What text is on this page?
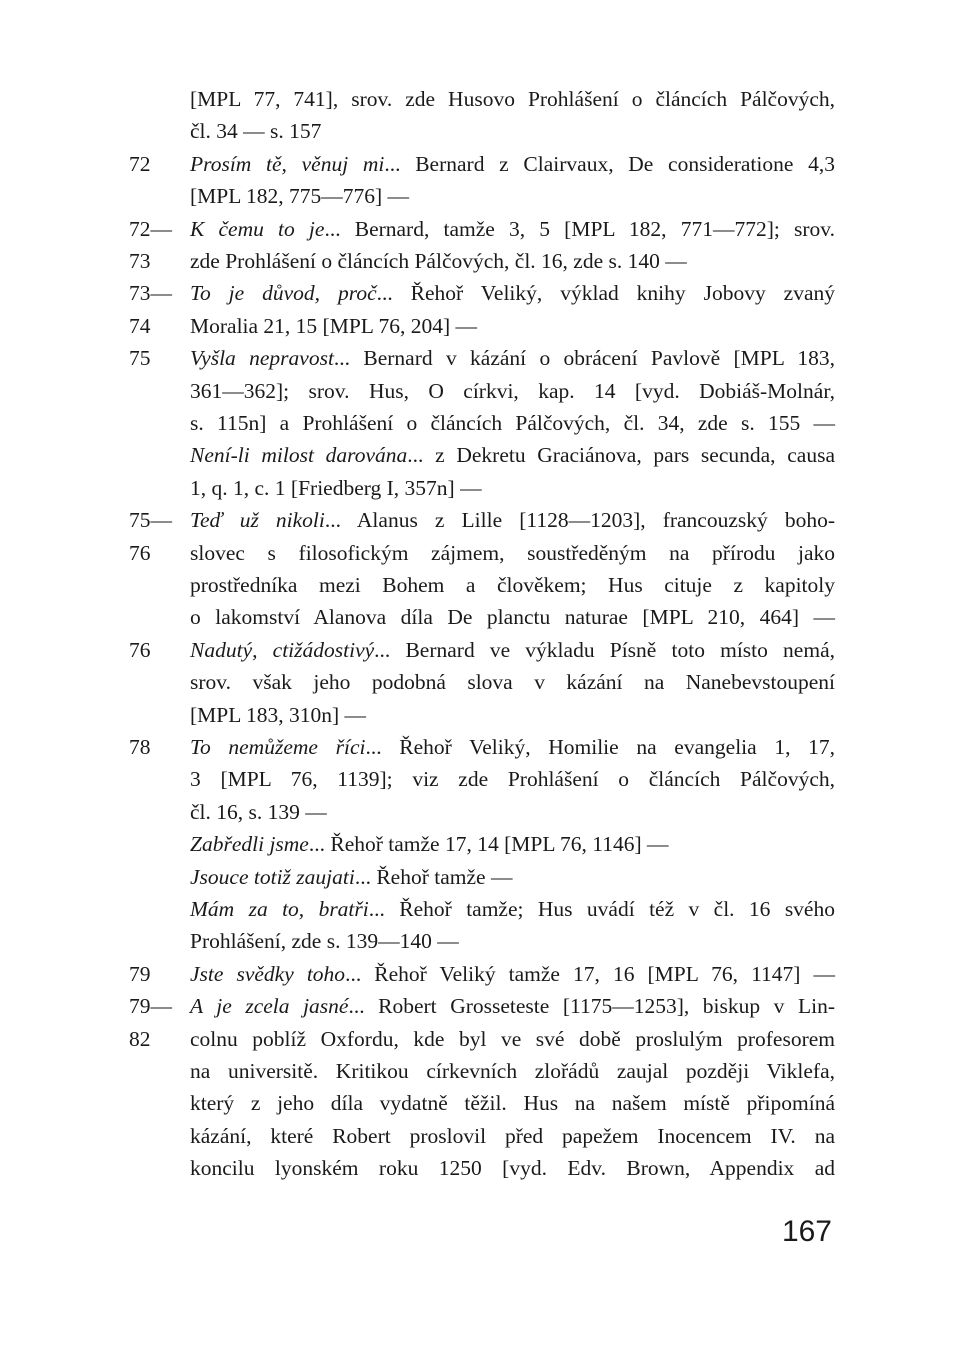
[MPL 77, 741], srov. zde Husovo Prohlášení o článcích Pálčových,
čl. 34 — s. 157
72	Prosím tě, věnuj mi... Bernard z Clairvaux, De consideratione 4,3
[MPL 182, 775—776] —
72— K čemu to je... Bernard, tamže 3, 5 [MPL 182, 771—772]; srov.
73	zde Prohlášení o článcích Pálčových, čl. 16, zde s. 140 —
73— To je důvod, proč... Řehoř Veliký, výklad knihy Jobovy zvaný
74	Moralia 21, 15 [MPL 76, 204] —
75	Vyšla nepravost... Bernard v kázání o obrácení Pavlově [MPL 183,
361—362]; srov. Hus, O církvi, kap. 14 [vyd. Dobiáš-Molnár,
s. 115n] a Prohlášení o článcích Pálčových, čl. 34, zde s. 155 —
Není-li milost darována... z Dekretu Graciánova, pars secunda, causa
1, q. 1, c. 1 [Friedberg I, 357n] —
75— Teď už nikoli... Alanus z Lille [1128—1203], francouzský boho-
76	slovec s filosofickým zájmem, soustředěným na přírodu jako
prostředníka mezi Bohem a člověkem; Hus cituje z kapitoly
o lakomství Alanova díla De planctu naturae [MPL 210, 464] —
76	Nadutý, ctižádostivý... Bernard ve výkladu Písně toto místo nemá,
srov. však jeho podobná slova v kázání na Nanebevstoupení
[MPL 183, 310n] —
78	To nemůžeme říci... Řehoř Veliký, Homilie na evangelia 1, 17,
3 [MPL 76, 1139]; viz zde Prohlášení o článcích Pálčových,
čl. 16, s. 139 —
Zabředli jsme... Řehoř tamže 17, 14 [MPL 76, 1146] —
Jsouce totiž zaujati... Řehoř tamže —
Mám za to, bratři... Řehoř tamže; Hus uvádí též v čl. 16 svého
Prohlášení, zde s. 139—140 —
79	Jste svědky toho... Řehoř Veliký tamže 17, 16 [MPL 76, 1147] —
79— A je zcela jasné... Robert Grosseteste [1175—1253], biskup v Lin-
82	colnu poblíž Oxfordu, kde byl ve své době proslulým profesorem
na universitě. Kritikou církevních zlořádů zaujal později Viklefa,
který z jeho díla vydatně těžil. Hus na našem místě připomíná
kázání, které Robert proslovil před papežem Inocencem IV. na
koncilu lyonském roku 1250 [vyd. Edv. Brown, Appendix ad
167
